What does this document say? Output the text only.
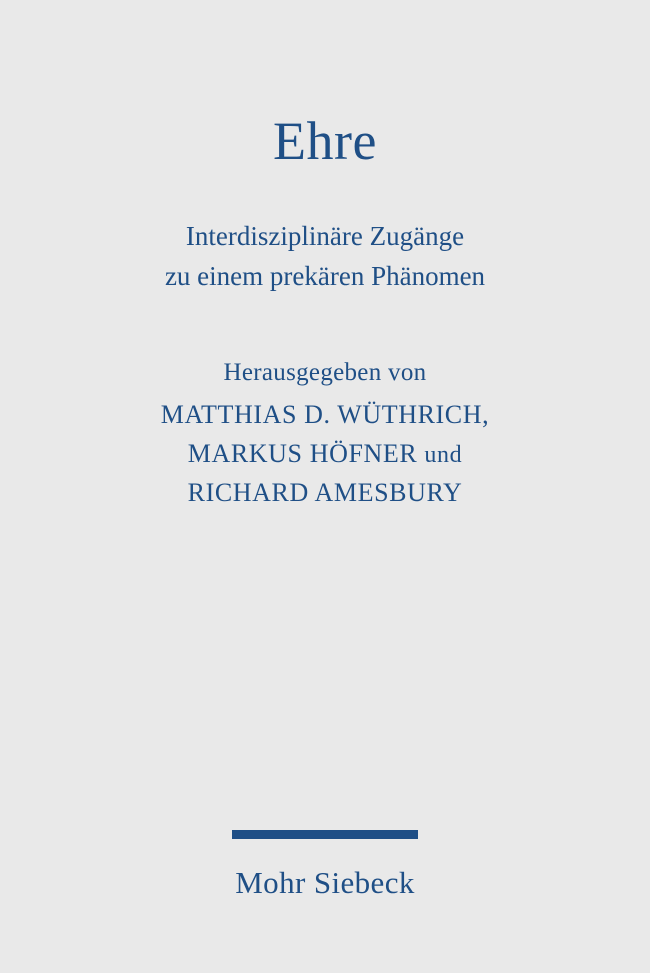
Ehre
Interdisziplinäre Zugänge
zu einem prekären Phänomen
Herausgegeben von
MATTHIAS D. WÜTHRICH,
MARKUS HÖFNER und
RICHARD AMESBURY
Mohr Siebeck
